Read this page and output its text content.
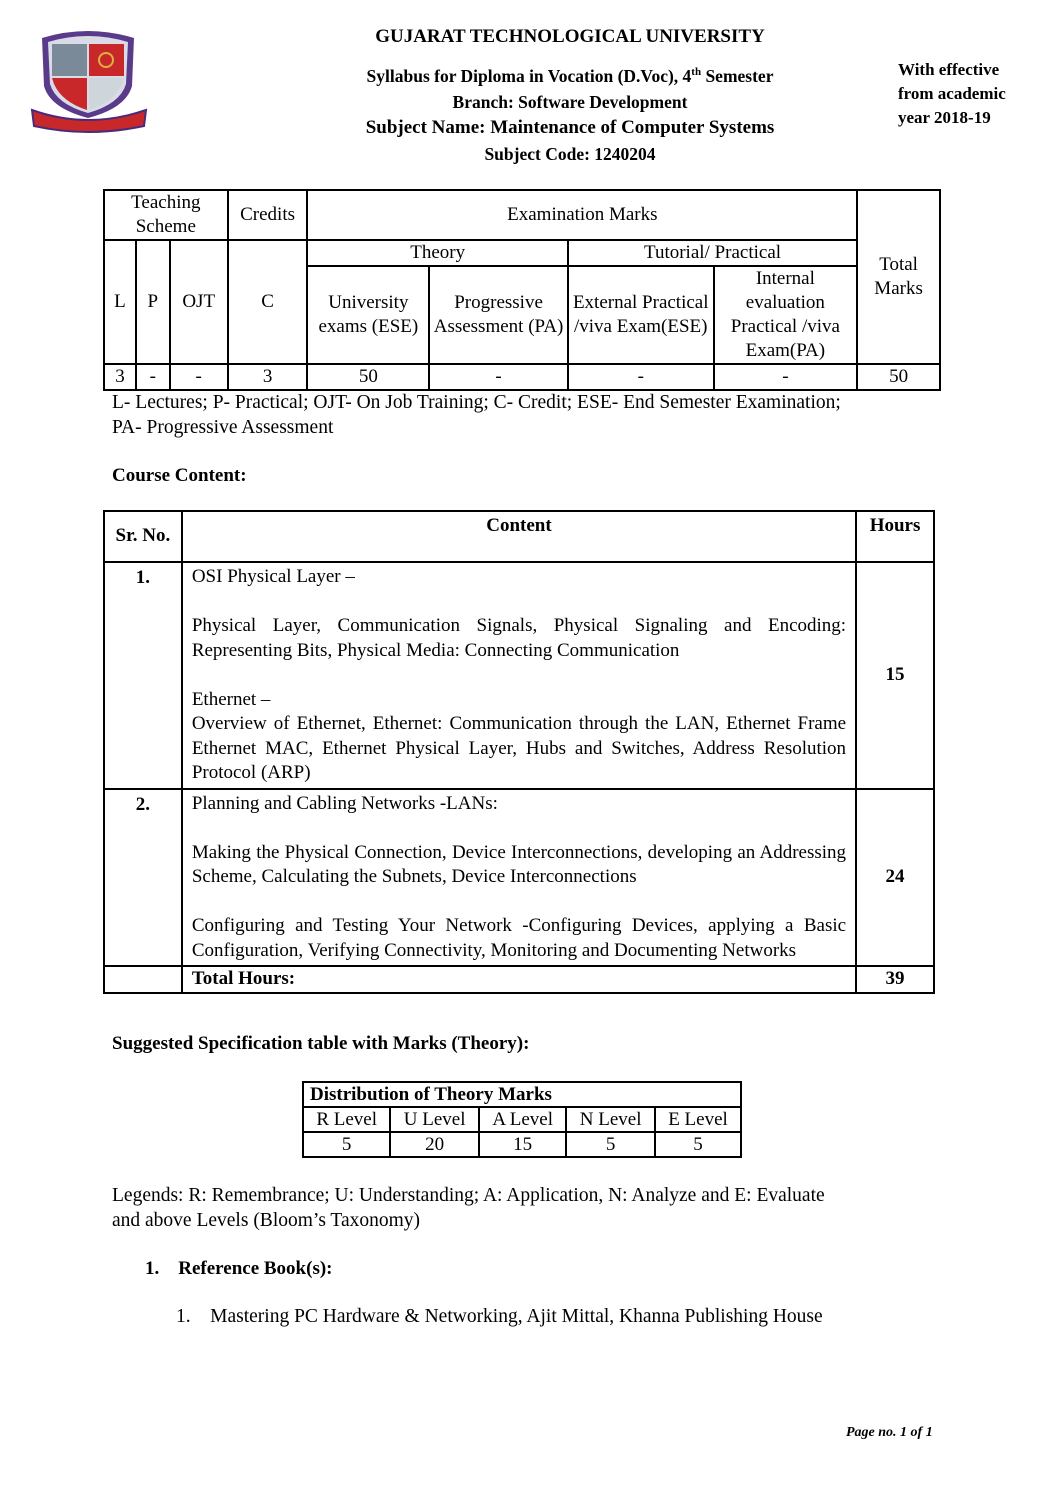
GUJARAT TECHNOLOGICAL UNIVERSITY
Syllabus for Diploma in Vocation (D.Voc), 4th Semester
Branch: Software Development
Subject Name: Maintenance of Computer Systems
Subject Code: 1240204
With effective
from academic
year 2018-19
Teaching Scheme			Credits	Examination Marks				Total Marks
L	P	OJT	C	Theory		Tutorial/ Practical		
				University exams (ESE)	Progressive Assessment (PA)	External Practical /viva Exam(ESE)	Internal evaluation Practical /viva Exam(PA)	
3	-	-	3	50	-	-	-	50
L- Lectures; P- Practical; OJT- On Job Training; C- Credit; ESE- End Semester Examination;
PA- Progressive Assessment
Course Content:
Sr. No.	Content	Hours
1.	OSI Physical Layer –

Physical Layer, Communication Signals, Physical Signaling and Encoding: Representing Bits, Physical Media: Connecting Communication

Ethernet –

Overview of Ethernet, Ethernet: Communication through the LAN, Ethernet Frame Ethernet MAC, Ethernet Physical Layer, Hubs and Switches, Address Resolution Protocol (ARP)	15
2.	Planning and Cabling Networks -LANs:

Making the Physical Connection, Device Interconnections, developing an Addressing Scheme, Calculating the Subnets, Device Interconnections

Configuring and Testing Your Network -Configuring Devices, applying a Basic Configuration, Verifying Connectivity, Monitoring and Documenting Networks	24
	Total Hours:	39
Suggested Specification table with Marks (Theory):
Distribution of Theory Marks				
R Level	U Level	A Level	N Level	E Level
5	20	15	5	5
Legends: R: Remembrance; U: Understanding; A: Application, N: Analyze and E: Evaluate
and above Levels (Bloom’s Taxonomy)
1. Reference Book(s):
1. Mastering PC Hardware & Networking, Ajit Mittal, Khanna Publishing House
Page no. 1 of 1
